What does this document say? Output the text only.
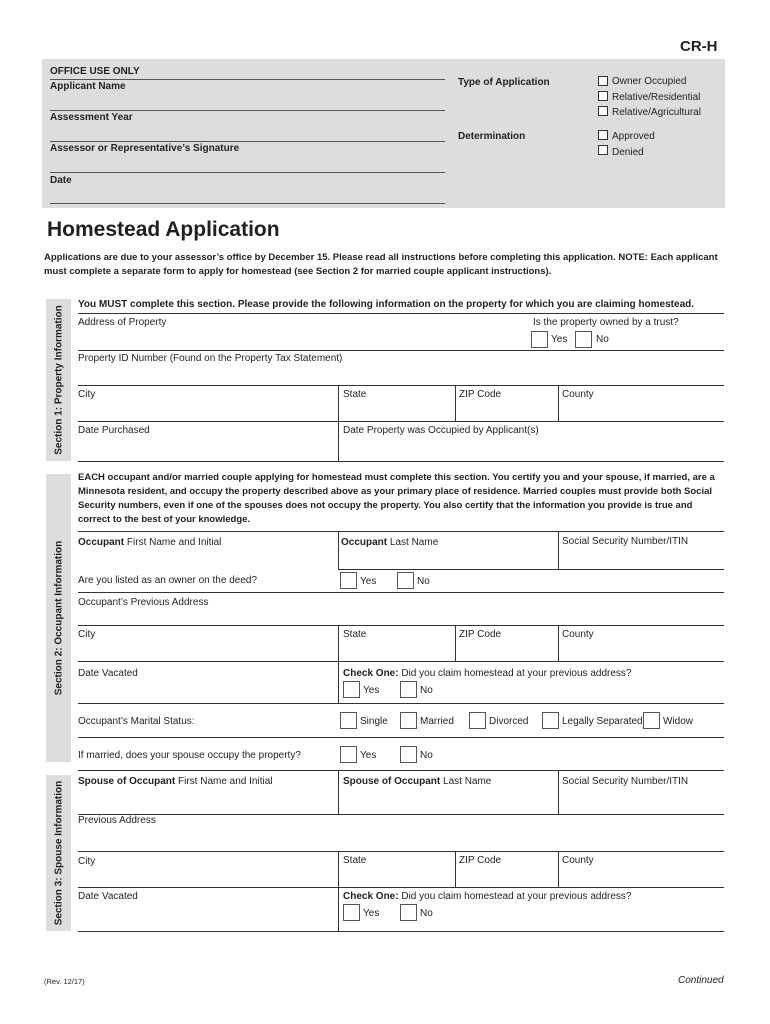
CR-H
OFFICE USE ONLY
Applicant Name
Assessment Year
Assessor or Representative’s Signature
Date
Type of Application	Owner Occupied
Relative/Residential
Relative/Agricultural
Determination	Approved
Denied
Homestead Application
Applications are due to your assessor’s office by December 15. Please read all instructions before completing this application. NOTE: Each applicant must complete a separate form to apply for homestead (see Section 2 for married couple applicant instructions).
Section 1: Property Information
Section 2: Occupant Information
Section 3: Spouse Information
You MUST complete this section. Please provide the following information on the property for which you are claiming homestead.
Address of Property	Is the property owned by a trust?
Yes	No
Property ID Number (Found on the Property Tax Statement)
City	State	ZIP Code	County
Date Purchased	Date Property was Occupied by Applicant(s)
EACH occupant and/or married couple applying for homestead must complete this section. You certify you and your spouse, if married, are a Minnesota resident, and occupy the property described above as your primary place of residence. Married couples must provide both Social Security numbers, even if one of the spouses does not occupy the property. You also certify that the information you provide is true and correct to the best of your knowledge.
Occupant First Name and Initial	Occupant Last Name	Social Security Number/ITIN
Are you listed as an owner on the deed?	Yes	No
Occupant’s Previous Address
City	State	ZIP Code	County
Date Vacated	Check One: Did you claim homestead at your previous address?
Yes	No
Occupant’s Marital Status:	Single	Married	Divorced	Legally Separated Widow
If married, does your spouse occupy the property?	Yes	No
Spouse of Occupant First Name and Initial	Spouse of Occupant Last Name	Social Security Number/ITIN
Previous Address
City	State	ZIP Code	County
Date Vacated	Check One: Did you claim homestead at your previous address?
Yes	No
(Rev. 12/17)	Continued
